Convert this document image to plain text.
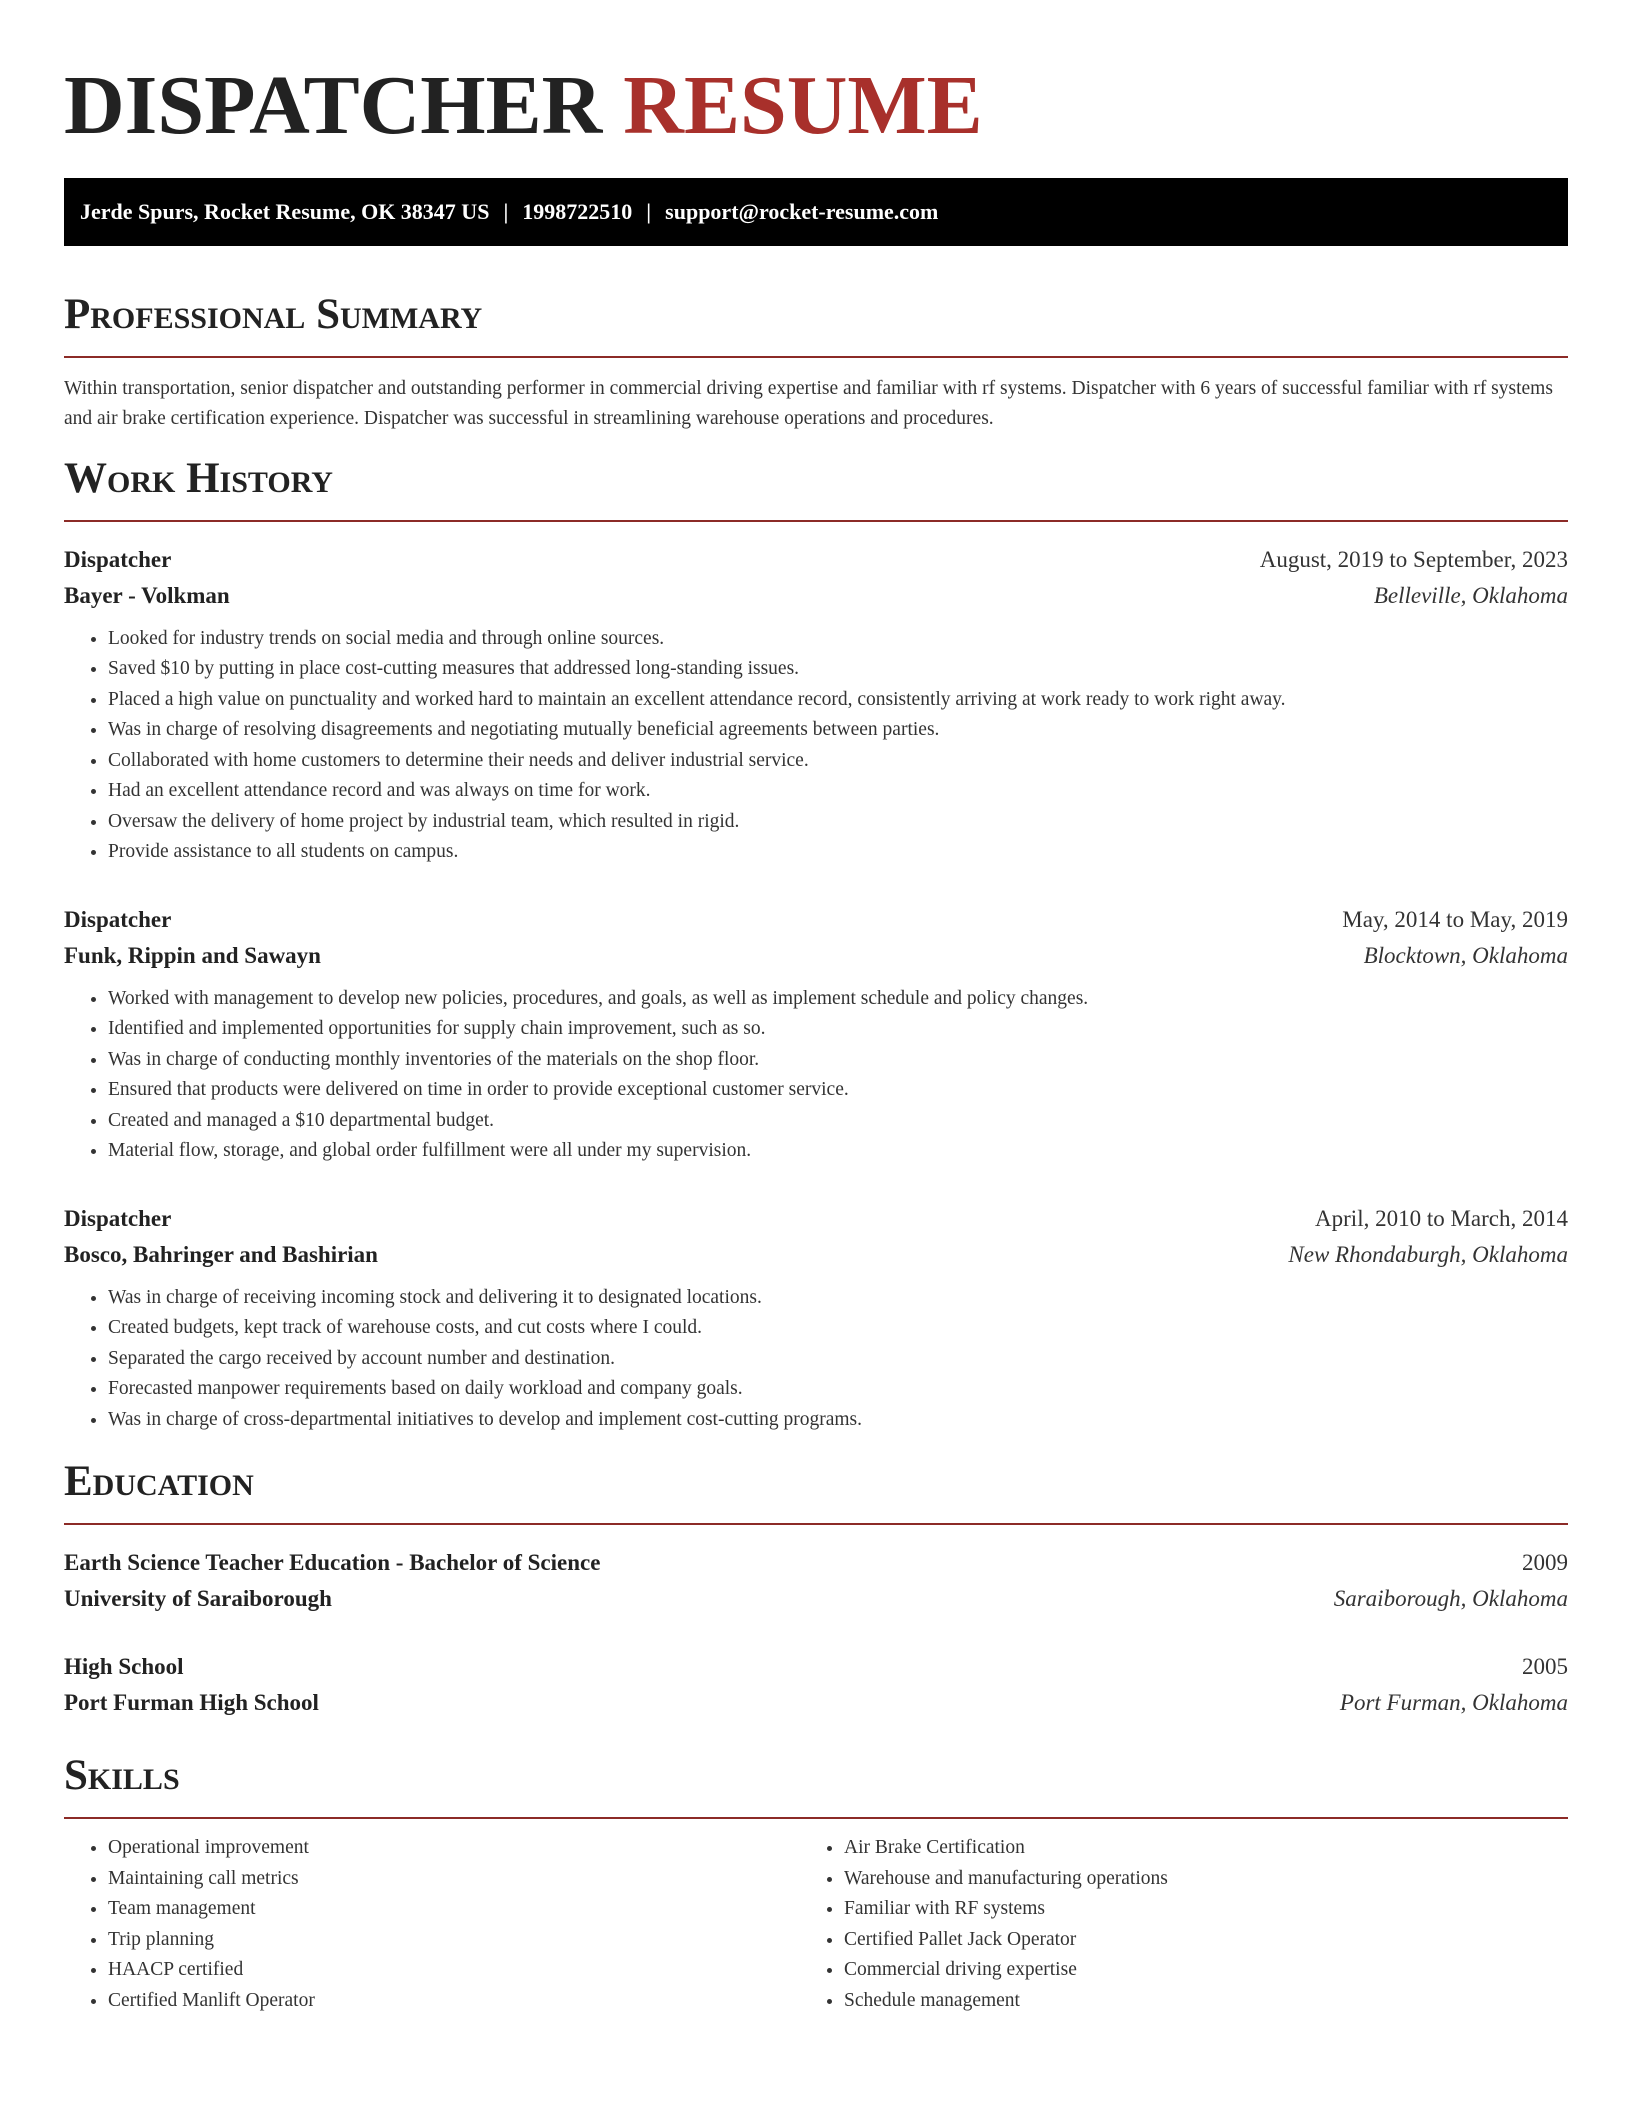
DISPATCHER RESUME
Jerde Spurs, Rocket Resume, OK 38347 US | 1998722510 | support@rocket-resume.com
Professional Summary

Within transportation, senior dispatcher and outstanding performer in commercial driving expertise and familiar with rf systems. Dispatcher with 6 years of successful familiar with rf systems and air brake certification experience. Dispatcher was successful in streamlining warehouse operations and procedures.

Work History
Dispatcher	August, 2019 to September, 2023
Bayer - Volkman	Belleville, Oklahoma
• Looked for industry trends on social media and through online sources.
• Saved $10 by putting in place cost-cutting measures that addressed long-standing issues.
• Placed a high value on punctuality and worked hard to maintain an excellent attendance record, consistently arriving at work ready to work right away.
• Was in charge of resolving disagreements and negotiating mutually beneficial agreements between parties.
• Collaborated with home customers to determine their needs and deliver industrial service.
• Had an excellent attendance record and was always on time for work.
• Oversaw the delivery of home project by industrial team, which resulted in rigid.
• Provide assistance to all students on campus.
Dispatcher	May, 2014 to May, 2019
Funk, Rippin and Sawayn	Blocktown, Oklahoma
• Worked with management to develop new policies, procedures, and goals, as well as implement schedule and policy changes.
• Identified and implemented opportunities for supply chain improvement, such as so.
• Was in charge of conducting monthly inventories of the materials on the shop floor.
• Ensured that products were delivered on time in order to provide exceptional customer service.
• Created and managed a $10 departmental budget.
• Material flow, storage, and global order fulfillment were all under my supervision.
Dispatcher	April, 2010 to March, 2014
Bosco, Bahringer and Bashirian	New Rhondaburgh, Oklahoma
• Was in charge of receiving incoming stock and delivering it to designated locations.
• Created budgets, kept track of warehouse costs, and cut costs where I could.
• Separated the cargo received by account number and destination.
• Forecasted manpower requirements based on daily workload and company goals.
• Was in charge of cross-departmental initiatives to develop and implement cost-cutting programs.
Education
Earth Science Teacher Education - Bachelor of Science	2009
University of Saraiborough	Saraiborough, Oklahoma
High School	2005
Port Furman High School	Port Furman, Oklahoma
Skills
• Operational improvement
• Maintaining call metrics
• Team management
• Trip planning
• HAACP certified
• Certified Manlift Operator
• Air Brake Certification
• Warehouse and manufacturing operations
• Familiar with RF systems
• Certified Pallet Jack Operator
• Commercial driving expertise
• Schedule management
